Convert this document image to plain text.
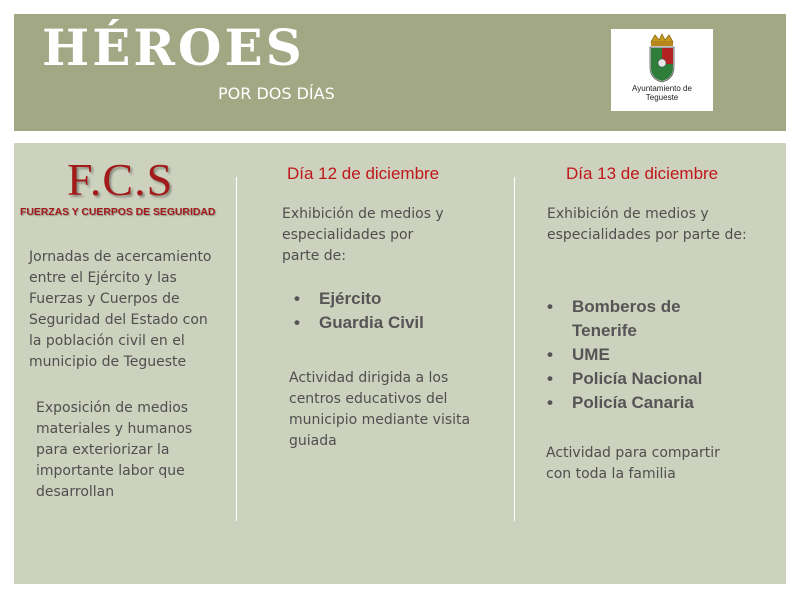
HÉROES
POR DOS DÍAS	Ayuntamiento de
Tegueste
F.C.S
FUERZAS Y CUERPOS DE SEGURIDAD
Jornadas de acercamiento
entre el Ejército y las
Fuerzas y Cuerpos de
Seguridad del Estado con
la población civil en el
municipio de Tegueste
Exposición de medios
materiales y humanos
para exteriorizar la
importante labor que
desarrollan
Día 12 de diciembre
Exhibición de medios y
especialidades por
parte de:
• Ejército
• Guardia Civil
Actividad dirigida a los
centros educativos del
municipio mediante visita
guiada
Día 13 de diciembre
Exhibición de medios y
especialidades por parte de:
• Bomberos de
Tenerife
• UME
• Policía Nacional
• Policía Canaria
Actividad para compartir
con toda la familia
